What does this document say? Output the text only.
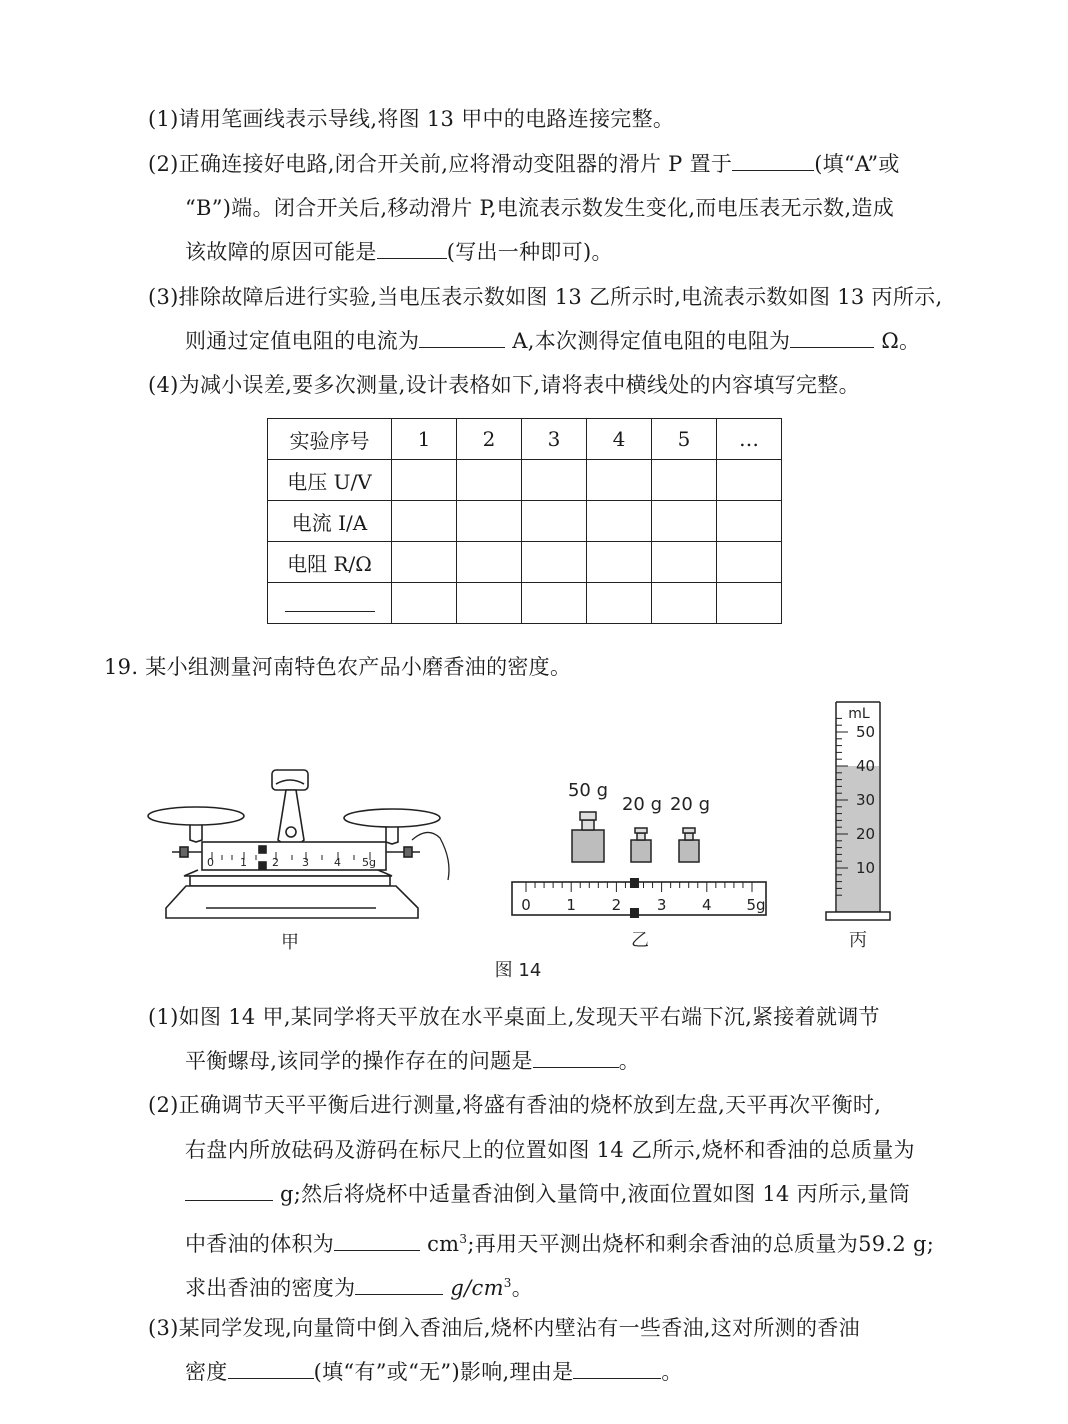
(1)请用笔画线表示导线,将图 13 甲中的电路连接完整。
(2)正确连接好电路,闭合开关前,应将滑动变阻器的滑片 P 置于	(填“A”或
“B”)端。闭合开关后,移动滑片 P,电流表示数发生变化,而电压表无示数,造成
该故障的原因可能是	(写出一种即可)。
(3)排除故障后进行实验,当电压表示数如图 13 乙所示时,电流表示数如图 13 丙所示,
则通过定值电阻的电流为	A,本次测得定值电阻的电阻为	Ω。
(4)为减小误差,要多次测量,设计表格如下,请将表中横线处的内容填写完整。
实验序号	1	2	3	4	5	…
电压 U/V						
电流 I/A						
电阻 R/Ω						

19. 某小组测量河南特色农产品小磨香油的密度。
0 1 2 3 4 5g
甲
50 g
20 g 20 g
0 1 2 3 4 5g
乙
50
40
30
20
10
mL
丙
图 14
(1)如图 14 甲,某同学将天平放在水平桌面上,发现天平右端下沉,紧接着就调节
平衡螺母,该同学的操作存在的问题是	。
(2)正确调节天平平衡后进行测量,将盛有香油的烧杯放到左盘,天平再次平衡时,
右盘内所放砝码及游码在标尺上的位置如图 14 乙所示,烧杯和香油的总质量为
g;然后将烧杯中适量香油倒入量筒中,液面位置如图 14 丙所示,量筒
中香油的体积为	$cm^3$;再用天平测出烧杯和剩余香油的总质量为59.2 g;
求出香油的密度为	$g/cm^3$。
(3)某同学发现,向量筒中倒入香油后,烧杯内壁沾有一些香油,这对所测的香油
密度	(填“有”或“无”)影响,理由是	。
